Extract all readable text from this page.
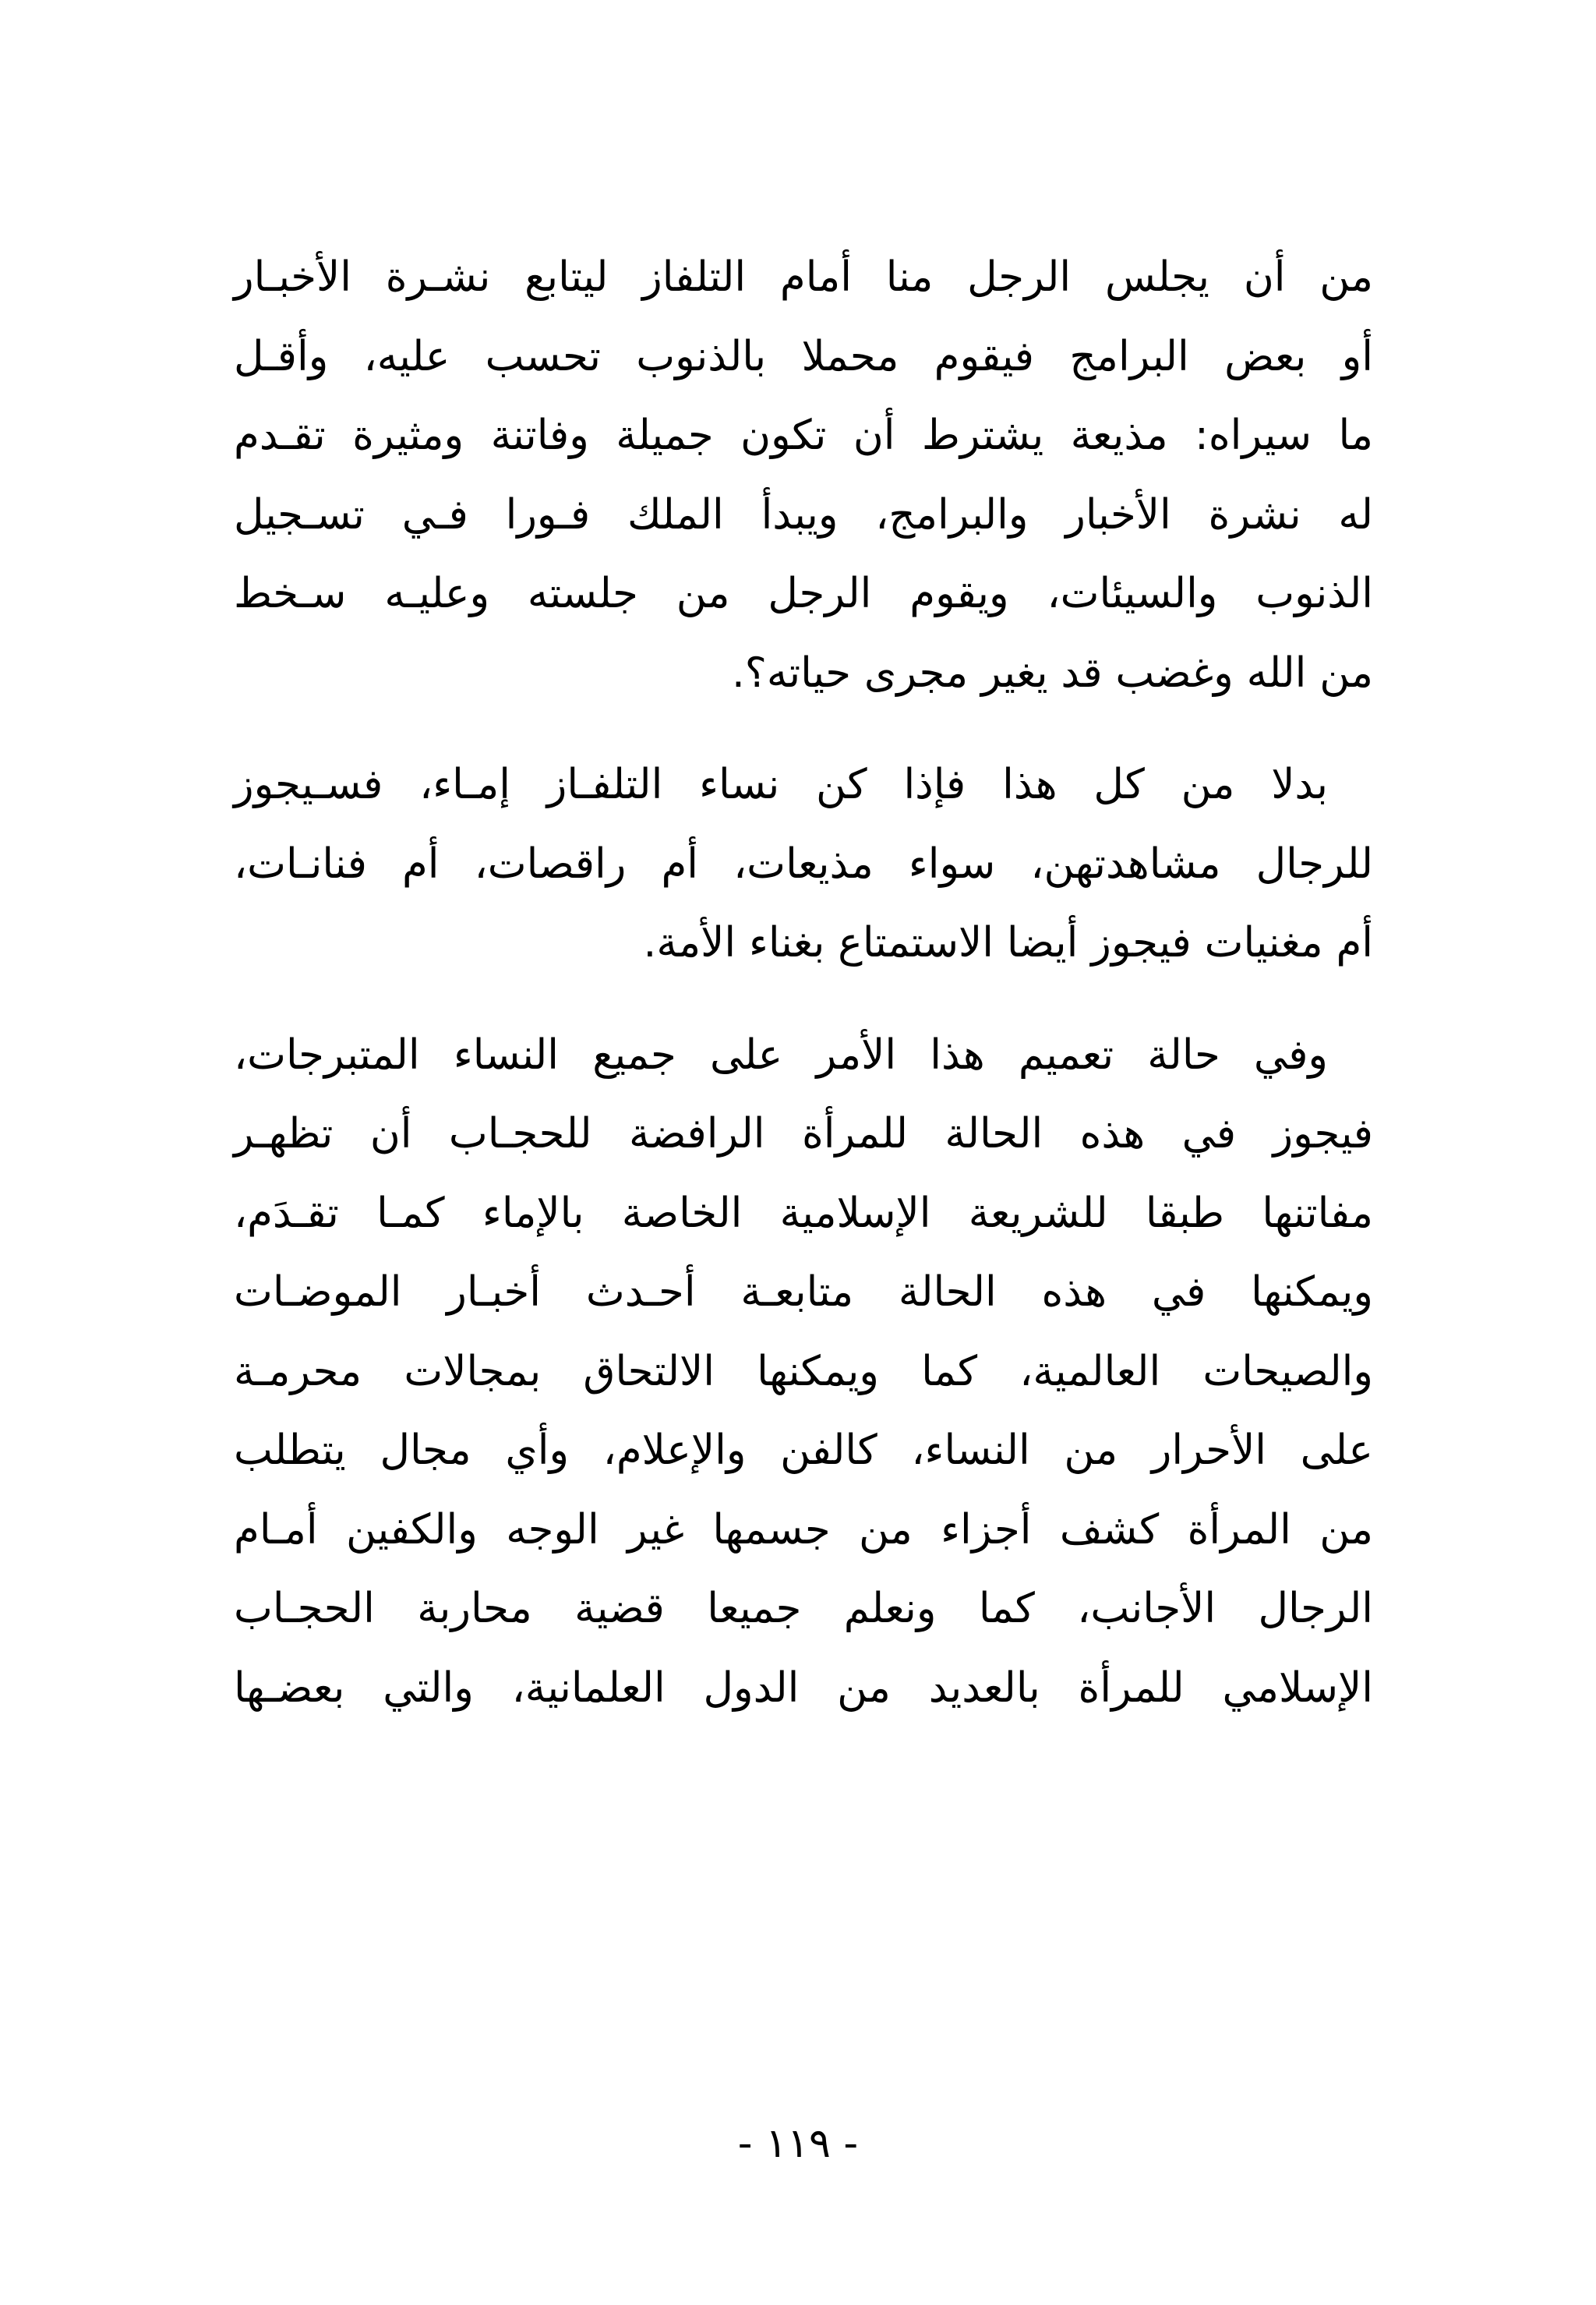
من أن يجلس الرجل منا أمام التلفاز ليتابع نشـرة الأخبـار
أو بعض البرامج فيقوم محملا بالذنوب تحسب عليه، وأقـل
ما سيراه: مذيعة يشترط أن تكون جميلة وفاتنة ومثيرة تقـدم
له نشرة الأخبار والبرامج، ويبدأ الملك فـورا فـي تسـجيل
الذنوب والسيئات، ويقوم الرجل من جلسته وعليـه سـخط
من الله وغضب قد يغير مجرى حياته؟.
بدلا من كل هذا فإذا كن نساء التلفـاز إمـاء، فسـيجوز
للرجال مشاهدتهن، سواء مذيعات، أم راقصات، أم فنانـات،
أم مغنيات فيجوز أيضا الاستمتاع بغناء الأمة.
وفي حالة تعميم هذا الأمر على جميع النساء المتبرجات،
فيجوز في هذه الحالة للمرأة الرافضة للحجـاب أن تظهـر
مفاتنها طبقا للشريعة الإسلامية الخاصة بالإماء كمـا تقـدَم،
ويمكنها في هذه الحالة متابعـة أحـدث أخبـار الموضـات
والصيحات العالمية، كما ويمكنها الالتحاق بمجالات محرمـة
على الأحرار من النساء، كالفن والإعلام، وأي مجال يتطلب
من المرأة كشف أجزاء من جسمها غير الوجه والكفين أمـام
الرجال الأجانب، كما ونعلم جميعا قضية محاربة الحجـاب
الإسلامي للمرأة بالعديد من الدول العلمانية، والتي بعضـها
- ١١٩ -
